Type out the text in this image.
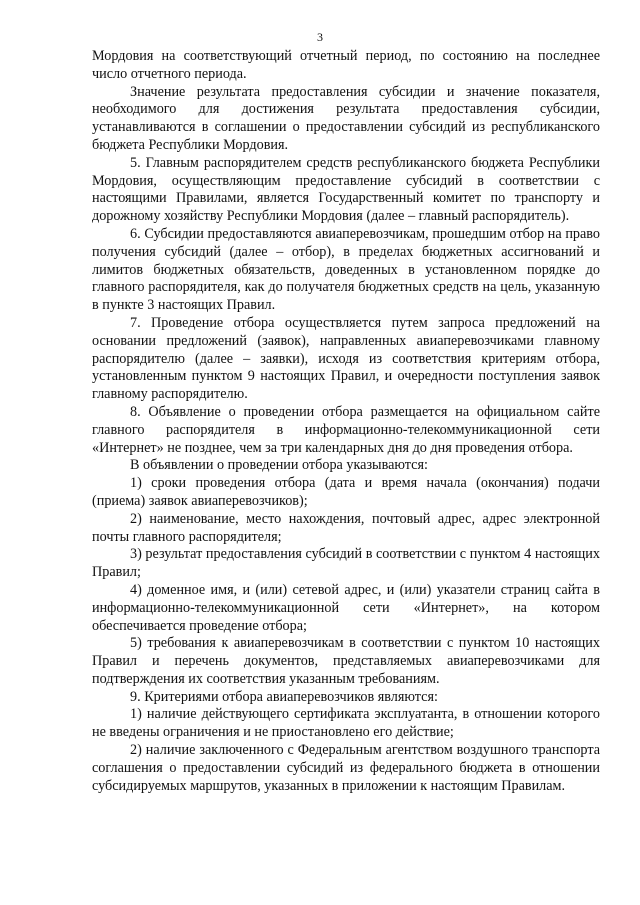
3

Мордовия на соответствующий отчетный период, по состоянию на последнее число отчетного периода.

Значение результата предоставления субсидии и значение показателя, необходимого для достижения результата предоставления субсидии, устанавливаются в соглашении о предоставлении субсидий из республиканского бюджета Республики Мордовия.

5. Главным распорядителем средств республиканского бюджета Республики Мордовия, осуществляющим предоставление субсидий в соответствии с настоящими Правилами, является Государственный комитет по транспорту и дорожному хозяйству Республики Мордовия (далее – главный распорядитель).

6. Субсидии предоставляются авиаперевозчикам, прошедшим отбор на право получения субсидий (далее – отбор), в пределах бюджетных ассигнований и лимитов бюджетных обязательств, доведенных в установленном порядке до главного распорядителя, как до получателя бюджетных средств на цель, указанную в пункте 3 настоящих Правил.

7. Проведение отбора осуществляется путем запроса предложений на основании предложений (заявок), направленных авиаперевозчиками главному распорядителю (далее – заявки), исходя из соответствия критериям отбора, установленным пунктом 9 настоящих Правил, и очередности поступления заявок главному распорядителю.

8. Объявление о проведении отбора размещается на официальном сайте главного распорядителя в информационно-телекоммуникационной сети «Интернет» не позднее, чем за три календарных дня до дня проведения отбора.

В объявлении о проведении отбора указываются:

1) сроки проведения отбора (дата и время начала (окончания) подачи (приема) заявок авиаперевозчиков);

2) наименование, место нахождения, почтовый адрес, адрес электронной почты главного распорядителя;

3) результат предоставления субсидий в соответствии с пунктом 4 настоящих Правил;

4) доменное имя, и (или) сетевой адрес, и (или) указатели страниц сайта в информационно-телекоммуникационной сети «Интернет», на котором обеспечивается проведение отбора;

5) требования к авиаперевозчикам в соответствии с пунктом 10 настоящих Правил и перечень документов, представляемых авиаперевозчиками для подтверждения их соответствия указанным требованиям.

9. Критериями отбора авиаперевозчиков являются:

1) наличие действующего сертификата эксплуатанта, в отношении которого не введены ограничения и не приостановлено его действие;

2) наличие заключенного с Федеральным агентством воздушного транспорта соглашения о предоставлении субсидий из федерального бюджета в отношении субсидируемых маршрутов, указанных в приложении к настоящим Правилам.
